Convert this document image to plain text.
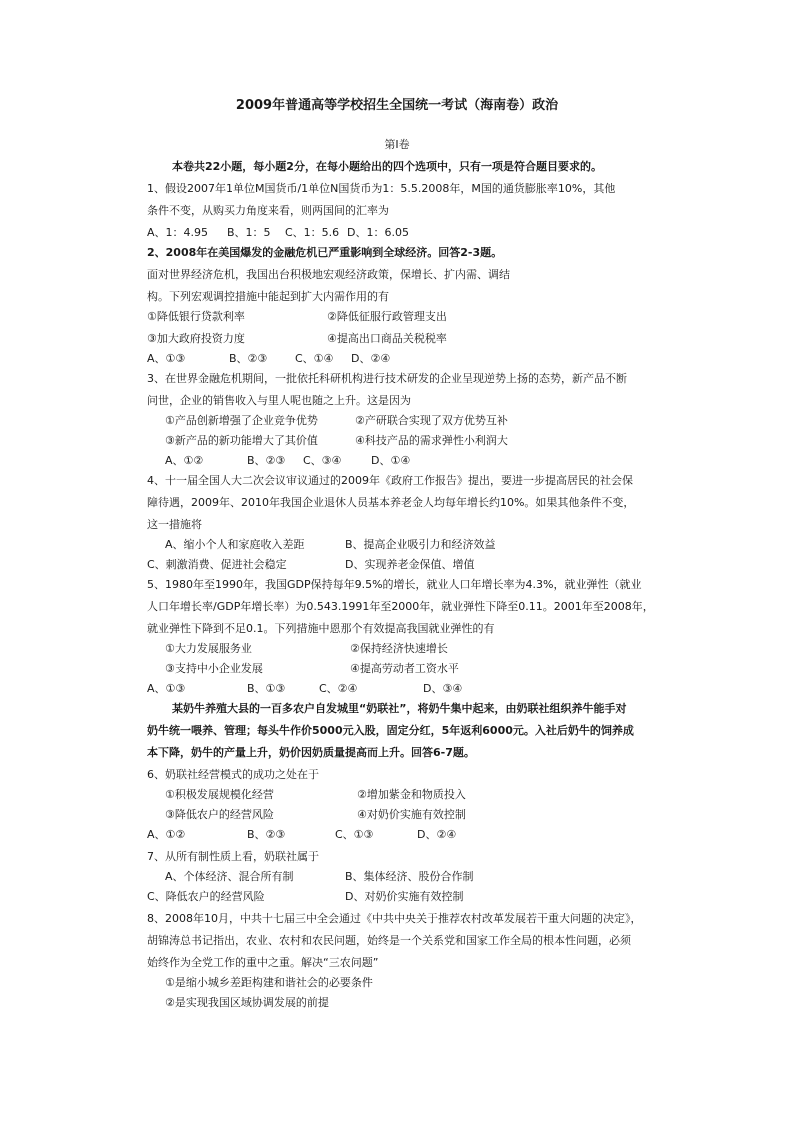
2009年普通高等学校招生全国统一考试（海南卷）政治
第Ⅰ卷
本卷共22小题，每小题2分，在每小题给出的四个选项中，只有一项是符合题目要求的。
1、假设2007年1单位M国货币/1单位N国货币为1：5.5.2008年，M国的通货膨胀率10%，其他
条件不变，从购买力角度来看，则两国间的汇率为
A、1：4.95 B、1：5 C、1：5.6 D、1：6.05
2、2008年在美国爆发的金融危机已严重影响到全球经济。回答2-3题。
面对世界经济危机，我国出台积极地宏观经济政策，保增长、扩内需、调结
构。下列宏观调控措施中能起到扩大内需作用的有
①降低银行贷款利率	②降低征服行政管理支出
③加大政府投资力度	④提高出口商品关税税率
A、①③	B、②③	C、①④ D、②④
3、在世界金融危机期间，一批依托科研机构进行技术研发的企业呈现逆势上扬的态势，新产品不断
问世，企业的销售收入与里人呢也随之上升。这是因为
①产品创新增强了企业竞争优势	②产研联合实现了双方优势互补
③新产品的新功能增大了其价值	④科技产品的需求弹性小利润大
A、①②	B、②③ C、③④	D、①④
4、十一届全国人大二次会议审议通过的2009年《政府工作报告》提出，要进一步提高居民的社会保
障待遇，2009年、2010年我国企业退休人员基本养老金人均每年增长约10%。如果其他条件不变，
这一措施将
A、缩小个人和家庭收入差距	B、提高企业吸引力和经济效益
C、刺激消费、促进社会稳定	D、实现养老金保值、增值
5、1980年至1990年，我国GDP保持每年9.5%的增长，就业人口年增长率为4.3%，就业弹性（就业
人口年增长率/GDP年增长率）为0.543.1991年至2000年，就业弹性下降至0.11。2001年至2008年，
就业弹性下降到不足0.1。下列措施中恩那个有效提高我国就业弹性的有
①大力发展服务业	②保持经济快速增长
③支持中小企业发展	④提高劳动者工资水平
A、①③	B、①③	C、②④	D、③④
某奶牛养殖大县的一百多农户自发城里“奶联社”，将奶牛集中起来，由奶联社组织养牛能手对
奶牛统一喂养、管理；每头牛作价5000元入股，固定分红，5年返利6000元。入社后奶牛的饲养成
本下降，奶牛的产量上升，奶价因奶质量提高而上升。回答6-7题。
6、奶联社经营模式的成功之处在于
①积极发展规模化经营	②增加紫金和物质投入
③降低农户的经营风险	④对奶价实施有效控制
A、①②	B、②③	C、①③	D、②④
7、从所有制性质上看，奶联社属于
A、个体经济、混合所有制	B、集体经济、股份合作制
C、降低农户的经营风险	D、对奶价实施有效控制
8、2008年10月，中共十七届三中全会通过《中共中央关于推荐农村改革发展若干重大问题的决定》，
胡锦涛总书记指出，农业、农村和农民问题，始终是一个关系党和国家工作全局的根本性问题，必须
始终作为全党工作的重中之重。解决“三农问题”
①是缩小城乡差距构建和谐社会的必要条件
②是实现我国区域协调发展的前提
